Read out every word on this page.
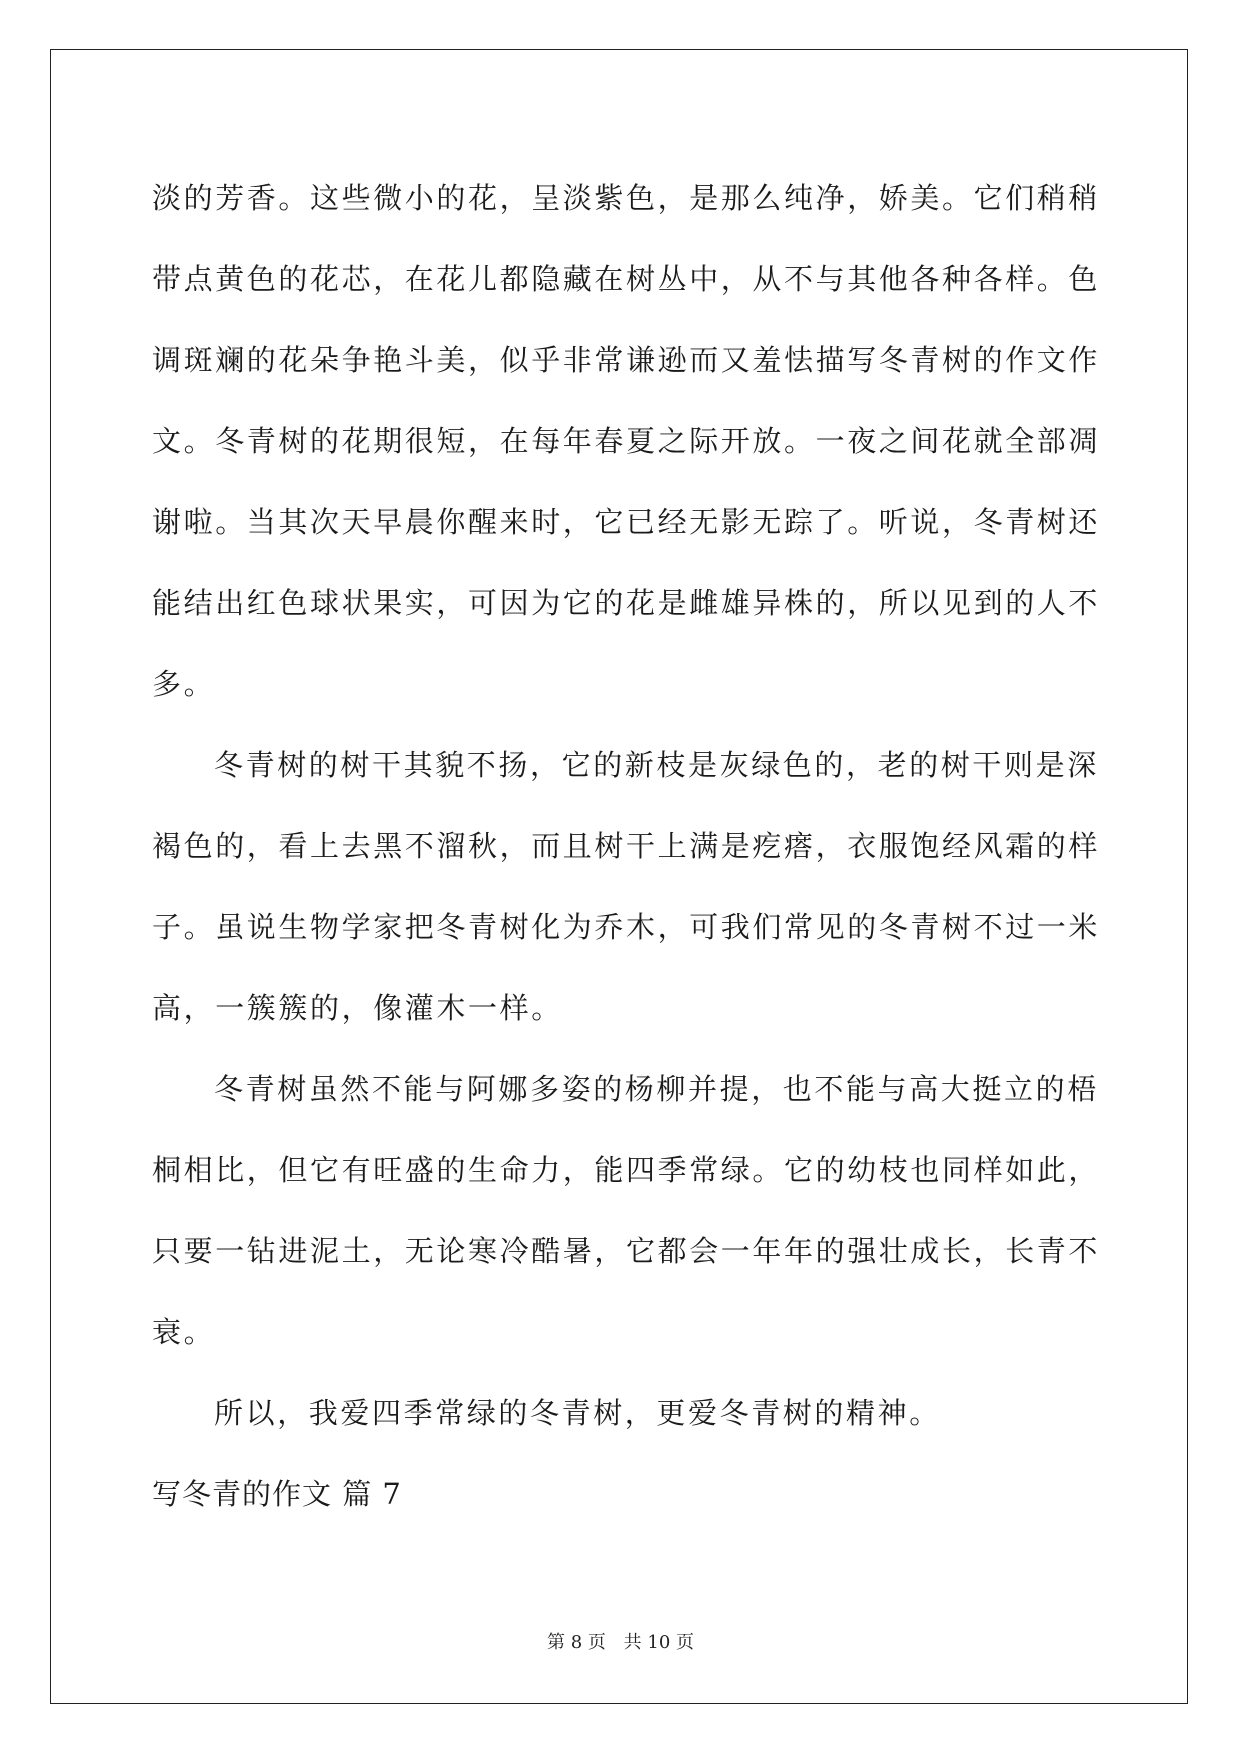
淡的芳香。这些微小的花，呈淡紫色，是那么纯净，娇美。它们稍稍
带点黄色的花芯，在花儿都隐藏在树丛中，从不与其他各种各样。色
调斑斓的花朵争艳斗美，似乎非常谦逊而又羞怯描写冬青树的作文作
文。冬青树的花期很短，在每年春夏之际开放。一夜之间花就全部凋
谢啦。当其次天早晨你醒来时，它已经无影无踪了。听说，冬青树还
能结出红色球状果实，可因为它的花是雌雄异株的，所以见到的人不
多。
冬青树的树干其貌不扬，它的新枝是灰绿色的，老的树干则是深
褐色的，看上去黑不溜秋，而且树干上满是疙瘩，衣服饱经风霜的样
子。虽说生物学家把冬青树化为乔木，可我们常见的冬青树不过一米
高，一簇簇的，像灌木一样。
冬青树虽然不能与阿娜多姿的杨柳并提，也不能与高大挺立的梧
桐相比，但它有旺盛的生命力，能四季常绿。它的幼枝也同样如此，
只要一钻进泥土，无论寒冷酷暑，它都会一年年的强壮成长，长青不
衰。
所以，我爱四季常绿的冬青树，更爱冬青树的精神。
写冬青的作文 篇 7
第 8 页 共 10 页
